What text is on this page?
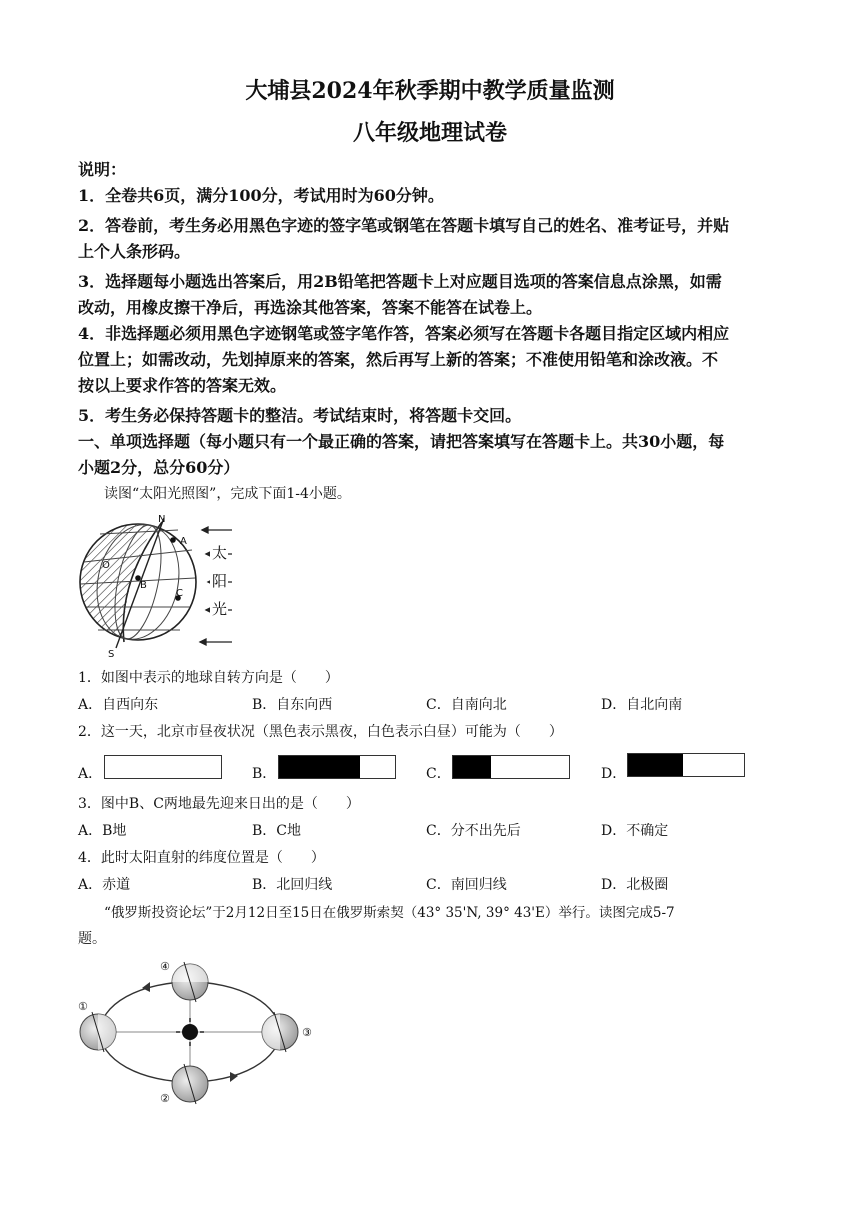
大埔县2024年秋季期中教学质量监测
八年级地理试卷
说明：
1．全卷共6页，满分100分，考试用时为60分钟。
2．答卷前，考生务必用黑色字迹的签字笔或钢笔在答题卡填写自己的姓名、准考证号，并贴
上个人条形码。
3．选择题每小题选出答案后，用2B铅笔把答题卡上对应题目选项的答案信息点涂黑，如需
改动，用橡皮擦干净后，再选涂其他答案，答案不能答在试卷上。
4．非选择题必须用黑色字迹钢笔或签字笔作答，答案必须写在答题卡各题目指定区域内相应
位置上；如需改动，先划掉原来的答案，然后再写上新的答案；不准使用铅笔和涂改液。不
按以上要求作答的答案无效。
5．考生务必保持答题卡的整洁。考试结束时，将答题卡交回。
一、单项选择题（每小题只有一个最正确的答案，请把答案填写在答题卡上。共30小题，每
小题2分，总分60分）
读图“太阳光照图”，完成下面1-4小题。
N
S
A
B
C
O
太
阳
光
1．如图中表示的地球自转方向是（　　）
A．自西向东	B．自东向西	C．自南向北	D．自北向南
2．这一天，北京市昼夜状况（黑色表示黑夜，白色表示白昼）可能为（　　）
A．	B．	C．	D．
3．图中B、C两地最先迎来日出的是（　　）
A．B地	B．C地	C．分不出先后	D．不确定
4．此时太阳直射的纬度位置是（　　）
A．赤道	B．北回归线	C．南回归线	D．北极圈
“俄罗斯投资论坛”于2月12日至15日在俄罗斯索契（43° 35'N, 39° 43'E）举行。读图完成5-7
题。
①
②
③
④
